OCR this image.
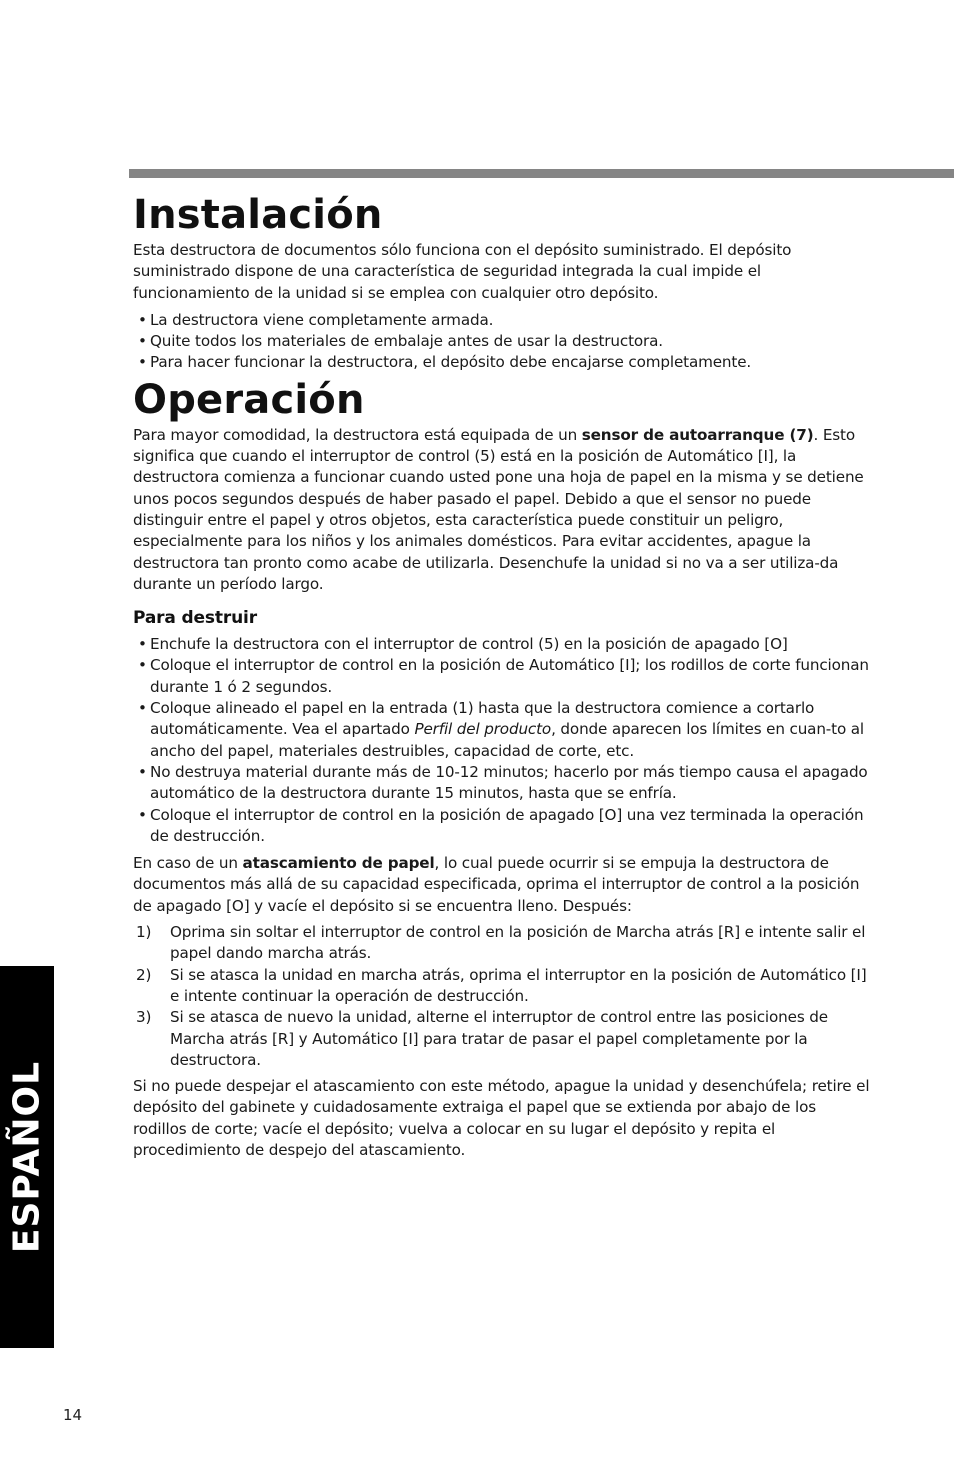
Instalación

Esta destructora de documentos sólo funciona con el depósito suministrado. El depósito suministrado dispone de una característica de seguridad integrada la cual impide el funcionamiento de la unidad si se emplea con cualquier otro depósito.

• La destructora viene completamente armada.
• Quite todos los materiales de embalaje antes de usar la destructora.
• Para hacer funcionar la destructora, el depósito debe encajarse completamente.
Operación

Para mayor comodidad, la destructora está equipada de un sensor de autoarranque (7). Esto significa que cuando el interruptor de control (5) está en la posición de Automático [I], la destructora comienza a funcionar cuando usted pone una hoja de papel en la misma y se detiene unos pocos segundos después de haber pasado el papel. Debido a que el sensor no puede distinguir entre el papel y otros objetos, esta característica puede constituir un peligro, especialmente para los niños y los animales domésticos. Para evitar accidentes, apague la destructora tan pronto como acabe de utilizarla. Desenchufe la unidad si no va a ser utiliza-da durante un período largo.

Para destruir
• Enchufe la destructora con el interruptor de control (5) en la posición de apagado [O]
• Coloque el interruptor de control en la posición de Automático [I]; los rodillos de corte funcionan durante 1 ó 2 segundos.
• Coloque alineado el papel en la entrada (1) hasta que la destructora comience a cortarlo automáticamente. Vea el apartado Perfil del producto, donde aparecen los límites en cuan-to al ancho del papel, materiales destruibles, capacidad de corte, etc.
• No destruya material durante más de 10-12 minutos; hacerlo por más tiempo causa el apagado automático de la destructora durante 15 minutos, hasta que se enfría.
• Coloque el interruptor de control en la posición de apagado [O] una vez terminada la operación de destrucción.

En caso de un atascamiento de papel, lo cual puede ocurrir si se empuja la destructora de documentos más allá de su capacidad especificada, oprima el interruptor de control a la posición de apagado [O] y vacíe el depósito si se encuentra lleno. Después:

1) Oprima sin soltar el interruptor de control en la posición de Marcha atrás [R] e intente salir el papel dando marcha atrás.
2) Si se atasca la unidad en marcha atrás, oprima el interruptor en la posición de Automático [I] e intente continuar la operación de destrucción.
3) Si se atasca de nuevo la unidad, alterne el interruptor de control entre las posiciones de Marcha atrás [R] y Automático [I] para tratar de pasar el papel completamente por la destructora.

Si no puede despejar el atascamiento con este método, apague la unidad y desenchúfela; retire el depósito del gabinete y cuidadosamente extraiga el papel que se extienda por abajo de los rodillos de corte; vacíe el depósito; vuelva a colocar en su lugar el depósito y repita el procedimiento de despejo del atascamiento.

ESPAÑOL
14
